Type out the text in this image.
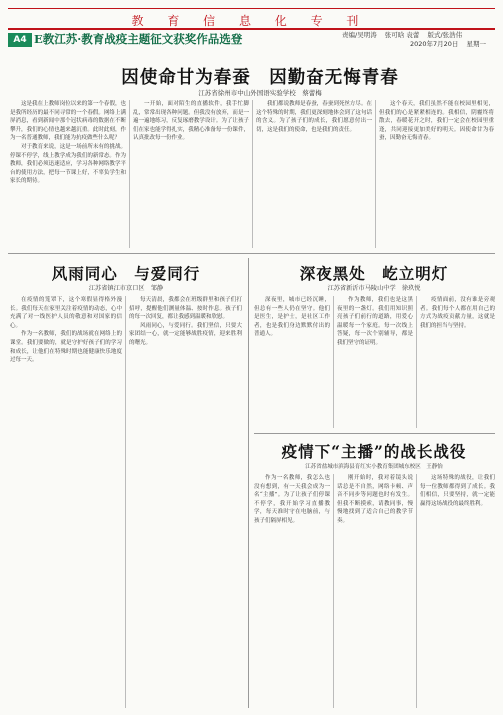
教 育 信 息 化 专 刊
A4 E教江苏·教育战疫主题征文获奖作品选登	责编/吴明涛 张可晗 袁蕾 版式/张浩伟
2020年7月20日 星期一
因使命甘为春蚕　因勤奋无悔青春
江苏省徐州市中山外国语实验学校　蔡蕾梅

这是我在上教师岗位以来的第一个春假，也是我所经历的最不同寻常的一个春假。网络上满屏消息，看到新闻中那个冠状病毒的数据在不断攀升，我们的心情也越来越沉重。此时此刻，作为一名普通教师，我们能为抗疫做些什么呢？

对于教育来说，这是一场前所未有的挑战。停课不停学，线上教学成为我们的新常态。作为教师，我们必须迅速适应，学习各种网络教学平台的使用方法，把每一节课上好，不辜负学生和家长的期待。

一开始，面对陌生的直播软件，我手忙脚乱，常常出现各种问题。但我没有放弃，而是一遍一遍地练习，反复琢磨教学设计。为了让孩子们在家也能学得扎实，我精心准备每一份课件，认真批改每一份作业。

我们都说教师是春蚕，春蚕到死丝方尽。在这个特殊的时期，我们更深刻地体会到了这句话的含义。为了孩子们的成长，我们愿意付出一切，这是我们的使命，也是我们的责任。

这个春天，我们虽然不能在校园里相见，但我们的心是紧紧相连的。我相信，阴霾终将散去，春暖花开之时，我们一定会在校园里重逢，共同迎接更加美好的明天。因使命甘为春蚕，因勤奋无悔青春。

风雨同心　与爱同行
江苏省镇江市京口区　邹静

在疫情的笼罩下，这个寒假显得格外漫长。我们每天在家里关注着疫情的动态，心中充满了对一线医护人员的敬意和对国家的信心。

作为一名教师，我们的战场就在网络上的课堂。我们要做的，就是守护好孩子们的学习和成长，让他们在特殊时期也能健康快乐地度过每一天。

每天清晨，我都会在班级群里和孩子们打招呼，提醒他们测量体温、按时作息。孩子们的每一次回复，都让我感到温暖和欣慰。

风雨同心，与爱同行。我们坚信，只要大家团结一心，就一定能够战胜疫情，迎来胜利的曙光。

深夜黑处　屹立明灯
江苏省新沂市马陵山中学　徐玖悦

深夜里，城市已经沉睡，但总有一些人仍在坚守。他们是医生，是护士，是社区工作者，也是我们身边默默付出的普通人。

作为教师，我们也是这黑夜里的一盏灯。我们用知识照亮孩子们前行的道路，用爱心温暖每一个家庭。每一次线上答疑，每一次个别辅导，都是我们坚守的证明。

疫情面前，没有谁是旁观者。我们每个人都在用自己的方式为战疫贡献力量，这就是我们的担当与坚持。

疫情下“主播”的战长战役
江苏省盐城市滨海县育红实小教育集团城东校区　王静怡

作为一名教师，我怎么也没有想到，有一天我会成为一名“主播”。为了让孩子们停课不停学，我开始学习直播教学，每天准时守在电脑前，与孩子们隔屏相见。

刚开始时，我对着镜头说话总是不自然，网络卡顿、声音不同步等问题也时有发生。但我不断摸索，请教同事，慢慢地找到了适合自己的教学节奏。

这场特殊的战役，让我们每一位教师都得到了成长。我们相信，只要坚持，就一定能赢得这场战役的最终胜利。
